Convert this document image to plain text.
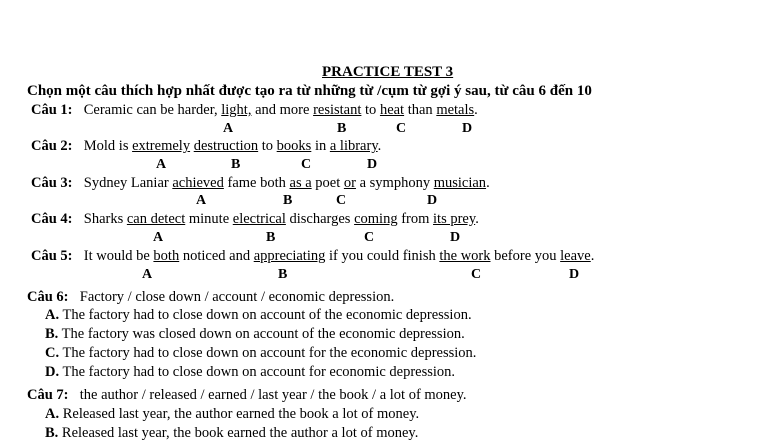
PRACTICE TEST 3
Chọn một câu thích hợp nhất được tạo ra từ những từ /cụm từ gợi ý sau, từ câu 6 đến 10
Câu 1: Ceramic can be harder, light, and more resistant to heat than metals.
A	B	C	D
Câu 2: Mold is extremely destruction to books in a library.
A	B	C	D
Câu 3: Sydney Laniar achieved fame both as a poet or a symphony musician.
A	B	C	D
Câu 4: Sharks can detect minute electrical discharges coming from its prey.
A	B	C	D
Câu 5: It would be both noticed and appreciating if you could finish the work before you leave.
A	B	C	D
Câu 6: Factory / close down / account / economic depression.
A. The factory had to close down on account of the economic depression.
B. The factory was closed down on account of the economic depression.
C. The factory had to close down on account for the economic depression.
D. The factory had to close down on account for economic depression.
Câu 7: the author / released / earned / last year / the book / a lot of money.
A. Released last year, the author earned the book a lot of money.
B. Released last year, the book earned the author a lot of money.
